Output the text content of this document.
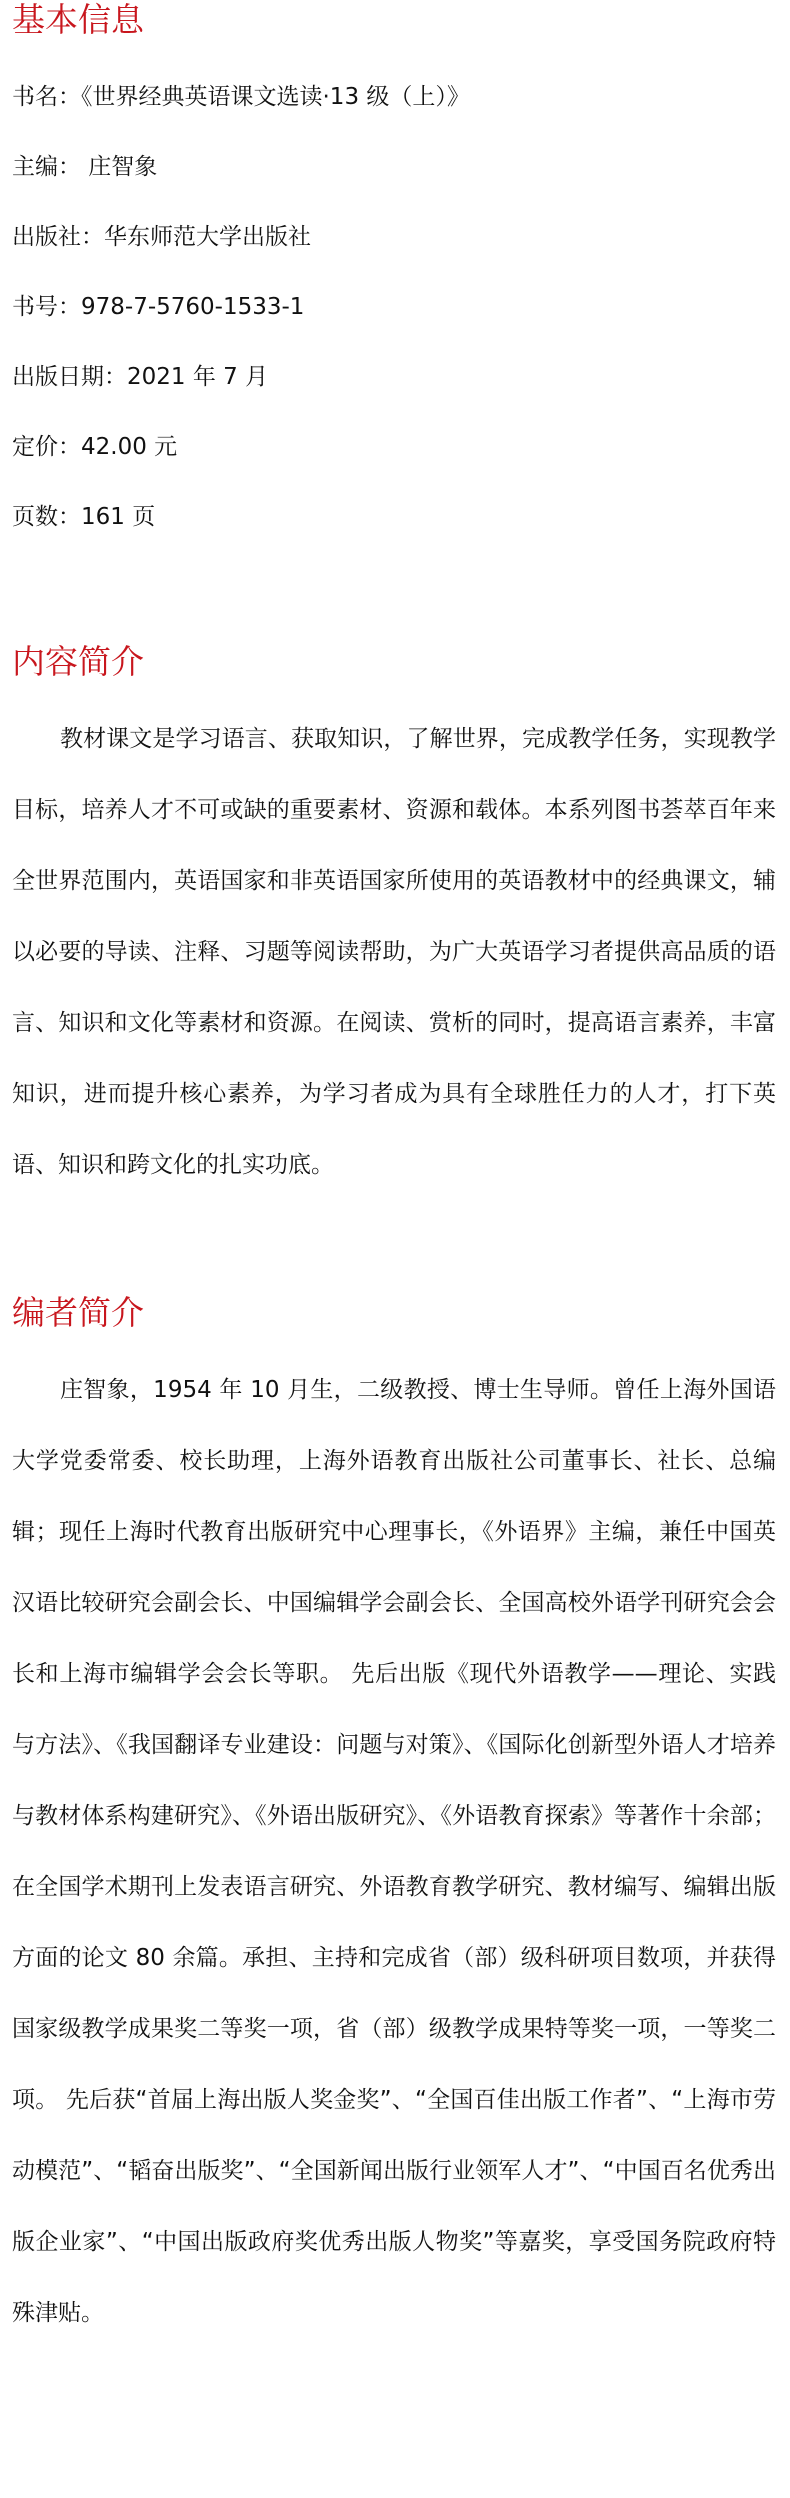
基本信息

书名：《世界经典英语课文选读·13 级（上）》

主编： 庄智象

出版社：华东师范大学出版社

书号：978-7-5760-1533-1

出版日期：2021 年 7 月

定价：42.00 元

页数：161 页

内容简介

教材课文是学习语言、获取知识，了解世界，完成教学任务，实现教学目标，培养人才不可或缺的重要素材、资源和载体。本系列图书荟萃百年来全世界范围内，英语国家和非英语国家所使用的英语教材中的经典课文，辅以必要的导读、注释、习题等阅读帮助，为广大英语学习者提供高品质的语言、知识和文化等素材和资源。在阅读、赏析的同时，提高语言素养，丰富知识，进而提升核心素养，为学习者成为具有全球胜任力的人才，打下英语、知识和跨文化的扎实功底。

编者简介

庄智象，1954 年 10 月生，二级教授、博士生导师。曾任上海外国语大学党委常委、校长助理，上海外语教育出版社公司董事长、社长、总编辑；现任上海时代教育出版研究中心理事长，《外语界》主编，兼任中国英汉语比较研究会副会长、中国编辑学会副会长、全国高校外语学刊研究会会长和上海市编辑学会会长等职。 先后出版《现代外语教学——理论、实践与方法》、《我国翻译专业建设：问题与对策》、《国际化创新型外语人才培养与教材体系构建研究》、《外语出版研究》、《外语教育探索》等著作十余部；在全国学术期刊上发表语言研究、外语教育教学研究、教材编写、编辑出版方面的论文 80 余篇。承担、主持和完成省（部）级科研项目数项，并获得国家级教学成果奖二等奖一项，省（部）级教学成果特等奖一项，一等奖二项。 先后获“首届上海出版人奖金奖”、“全国百佳出版工作者”、“上海市劳动模范”、“韬奋出版奖”、“全国新闻出版行业领军人才”、“中国百名优秀出版企业家”、“中国出版政府奖优秀出版人物奖”等嘉奖，享受国务院政府特殊津贴。
